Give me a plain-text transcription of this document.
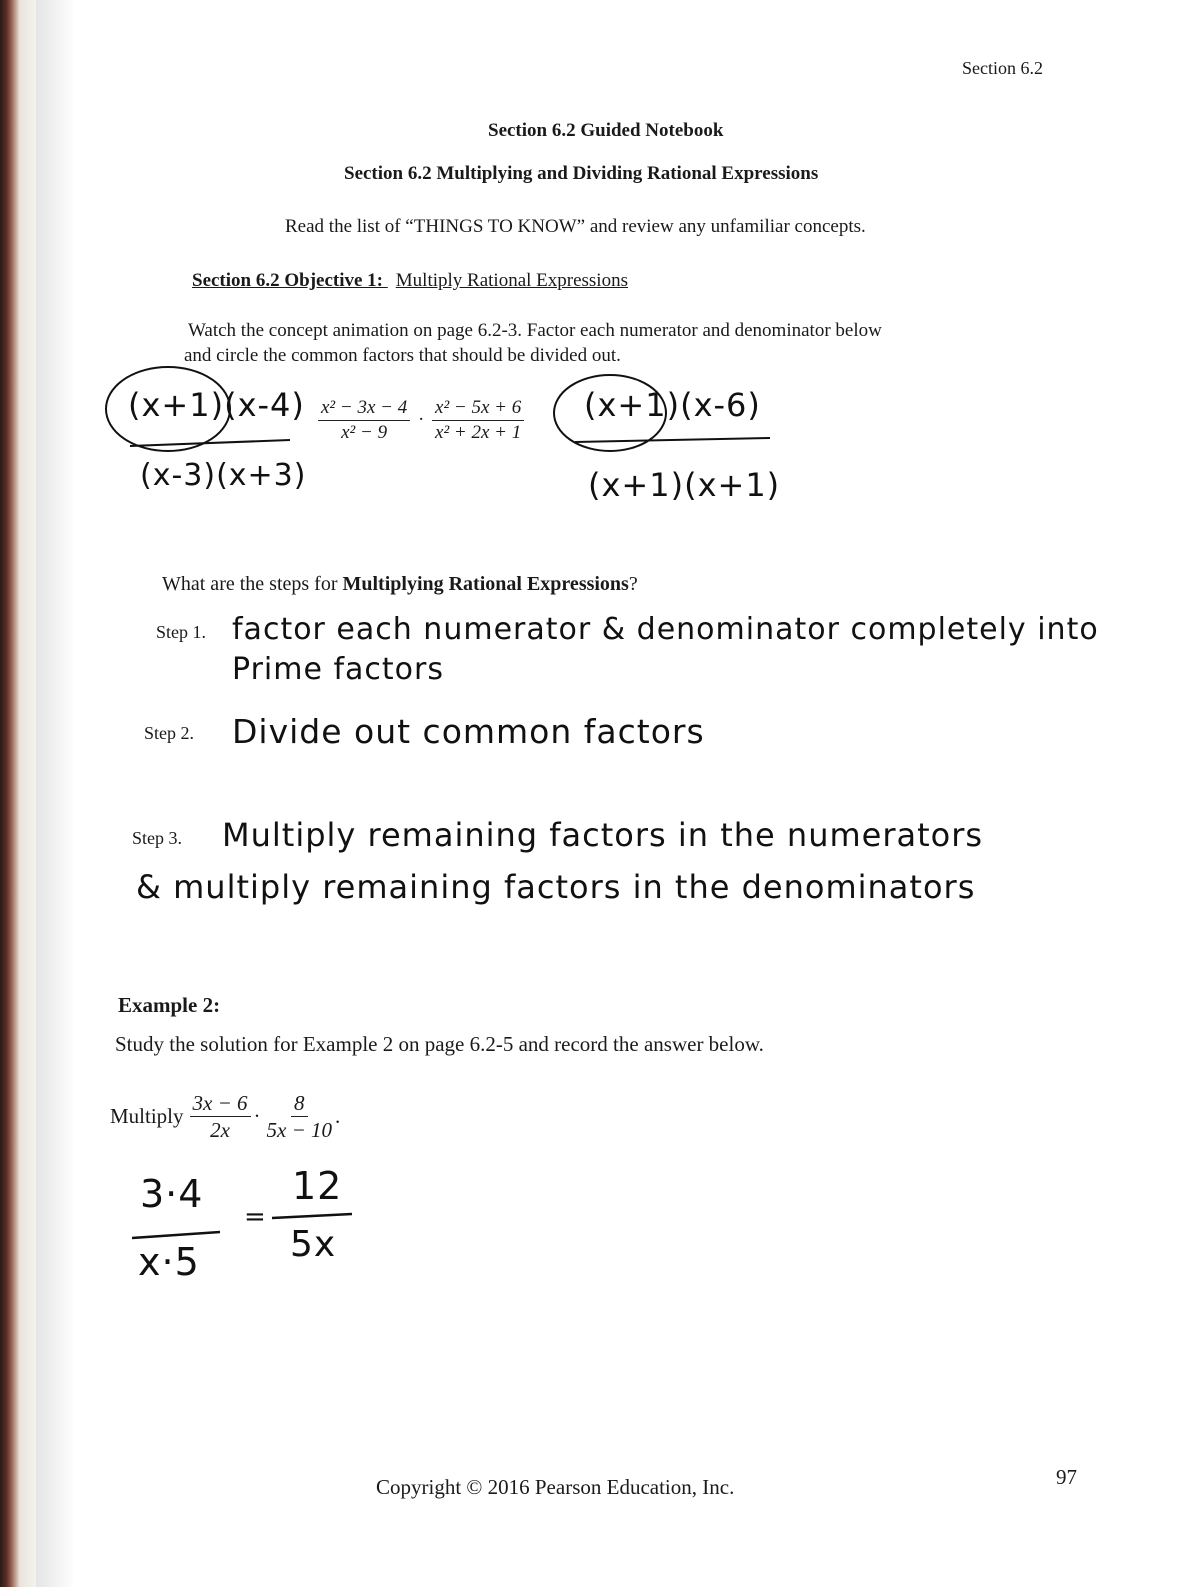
Section 6.2
Section 6.2 Guided Notebook
Section 6.2 Multiplying and Dividing Rational Expressions
Read the list of “THINGS TO KNOW” and review any unfamiliar concepts.
Section 6.2 Objective 1: Multiply Rational Expressions
Watch the concept animation on page 6.2-3. Factor each numerator and denominator below
and circle the common factors that should be divided out.
$\frac{\text{x² − 3x − 4}}{\text{x² − 9}} \cdot \frac{\text{x² − 5x + 6}}{\text{x² + 2x + 1}}$
(x+1)(x-4)
(x-3)(x+3)
(x+1)(x-6)
(x+1)(x+1)
What are the steps for Multiplying Rational Expressions?
Step 1. factor each numerator & denominator completely into
Prime factors
Step 2. Divide out common factors
Step 3. Multiply remaining factors in the numerators
& multiply remaining factors in the denominators
Example 2:
Study the solution for Example 2 on page 6.2-5 and record the answer below.
Multiply $\frac{3x - 6}{2x} \cdot \frac{8}{5x - 10}$ .
3·4
x·5
=
12
5x
Copyright © 2016 Pearson Education, Inc.	97
